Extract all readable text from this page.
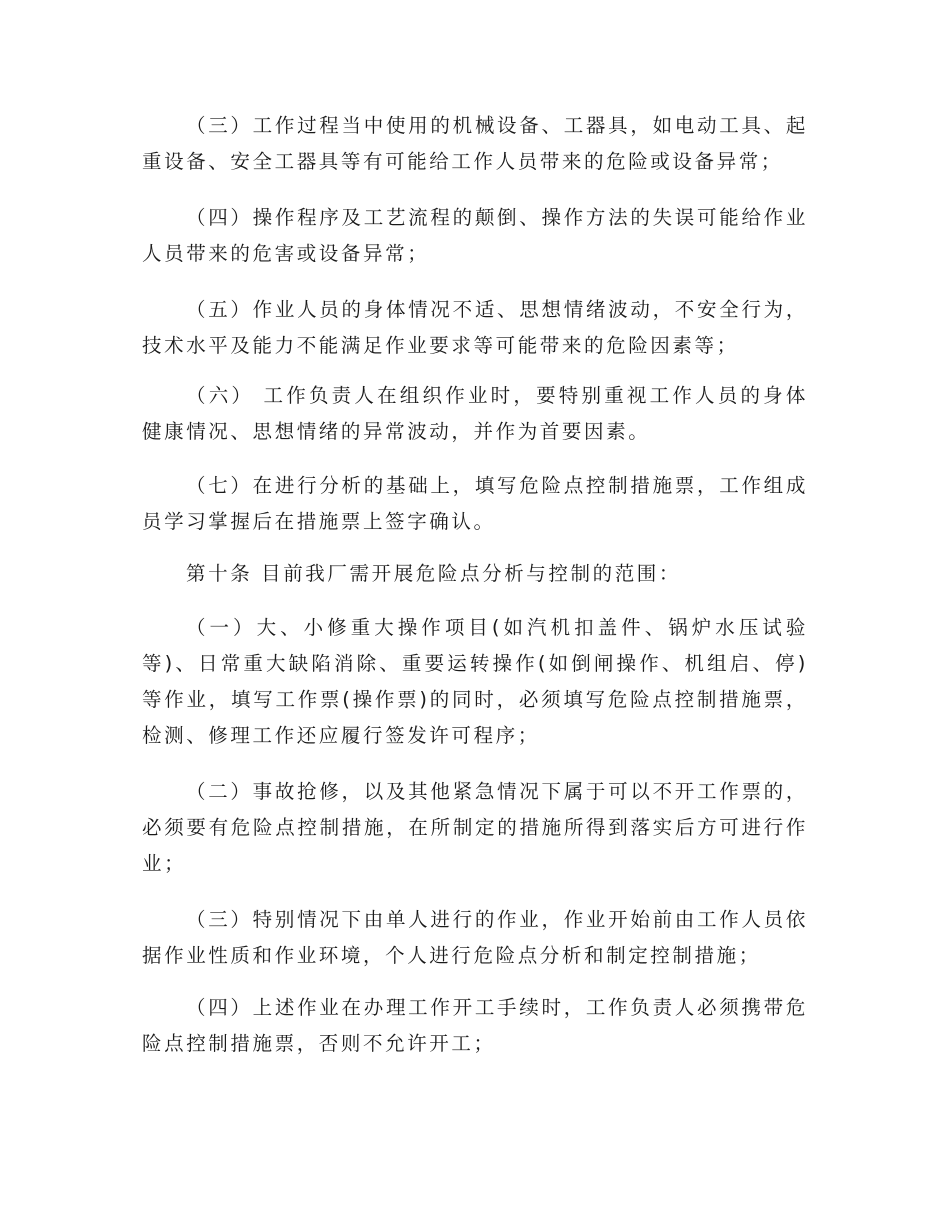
（三）工作过程当中使用的机械设备、工器具，如电动工具、起重设备、安全工器具等有可能给工作人员带来的危险或设备异常；

（四）操作程序及工艺流程的颠倒、操作方法的失误可能给作业人员带来的危害或设备异常；

（五）作业人员的身体情况不适、思想情绪波动，不安全行为，技术水平及能力不能满足作业要求等可能带来的危险因素等；

（六） 工作负责人在组织作业时，要特别重视工作人员的身体健康情况、思想情绪的异常波动，并作为首要因素。

（七）在进行分析的基础上，填写危险点控制措施票，工作组成员学习掌握后在措施票上签字确认。

第十条 目前我厂需开展危险点分析与控制的范围：

（一）大、小修重大操作项目(如汽机扣盖件、锅炉水压试验等)、日常重大缺陷消除、重要运转操作(如倒闸操作、机组启、停)等作业，填写工作票(操作票)的同时，必须填写危险点控制措施票，检测、修理工作还应履行签发许可程序；

（二）事故抢修，以及其他紧急情况下属于可以不开工作票的，必须要有危险点控制措施，在所制定的措施所得到落实后方可进行作业；

（三）特别情况下由单人进行的作业，作业开始前由工作人员依据作业性质和作业环境，个人进行危险点分析和制定控制措施；

（四）上述作业在办理工作开工手续时，工作负责人必须携带危险点控制措施票，否则不允许开工；
